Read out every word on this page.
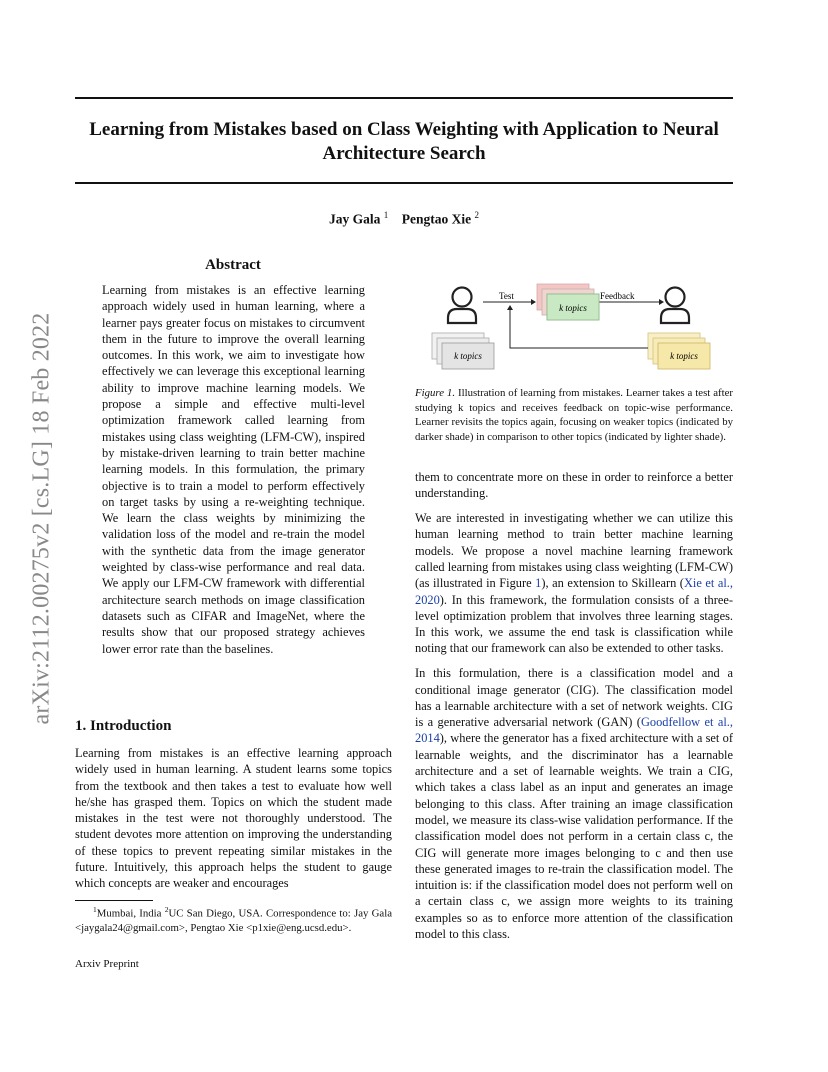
arXiv:2112.00275v2 [cs.LG] 18 Feb 2022
Learning from Mistakes based on Class Weighting with Application to Neural
Architecture Search
Jay Gala $^1$ Pengtao Xie $^2$
Abstract
Learning from mistakes is an effective learning approach widely used in human learning, where a learner pays greater focus on mistakes to circumvent them in the future to improve the overall learning outcomes. In this work, we aim to investigate how effectively we can leverage this exceptional learning ability to improve machine learning models. We propose a simple and effective multi-level optimization framework called learning from mistakes using class weighting (LFM-CW), inspired by mistake-driven learning to train better machine learning models. In this formulation, the primary objective is to train a model to perform effectively on target tasks by using a re-weighting technique. We learn the class weights by minimizing the validation loss of the model and re-train the model with the synthetic data from the image generator weighted by class-wise performance and real data. We apply our LFM-CW framework with differential architecture search methods on image classification datasets such as CIFAR and ImageNet, where the results show that our proposed strategy achieves lower error rate than the baselines.
1. Introduction
Learning from mistakes is an effective learning approach widely used in human learning. A student learns some topics from the textbook and then takes a test to evaluate how well he/she has grasped them. Topics on which the student made mistakes in the test were not thoroughly understood. The student devotes more attention on improving the understanding of these topics to prevent repeating similar mistakes in the future. Intuitively, this approach helps the student to gauge which concepts are weaker and encourages

$^1$Mumbai, India $^2$UC San Diego, USA. Correspondence to: Jay Gala <jaygala24@gmail.com>, Pengtao Xie <p1xie@eng.ucsd.edu>.

Arxiv Preprint
Test	Feedback
k topics
k topics	k topics
Figure 1. Illustration of learning from mistakes. Learner takes a test after studying k topics and receives feedback on topic-wise performance. Learner revisits the topics again, focusing on weaker topics (indicated by darker shade) in comparison to other topics (indicated by lighter shade).

them to concentrate more on these in order to reinforce a better understanding.

We are interested in investigating whether we can utilize this human learning method to train better machine learning models. We propose a novel machine learning framework called learning from mistakes using class weighting (LFM-CW) (as illustrated in Figure 1), an extension to Skillearn (Xie et al., 2020). In this framework, the formulation consists of a three-level optimization problem that involves three learning stages. In this work, we assume the end task is classification while noting that our framework can also be extended to other tasks.

In this formulation, there is a classification model and a conditional image generator (CIG). The classification model has a learnable architecture with a set of network weights. CIG is a generative adversarial network (GAN) (Goodfellow et al., 2014), where the generator has a fixed architecture with a set of learnable weights, and the discriminator has a learnable architecture and a set of learnable weights. We train a CIG, which takes a class label as an input and generates an image belonging to this class. After training an image classification model, we measure its class-wise validation performance. If the classification model does not perform in a certain class c, the CIG will generate more images belonging to c and then use these generated images to re-train the classification model. The intuition is: if the classification model does not perform well on a certain class c, we assign more weights to its training examples so as to enforce more attention of the classification model to this class.
